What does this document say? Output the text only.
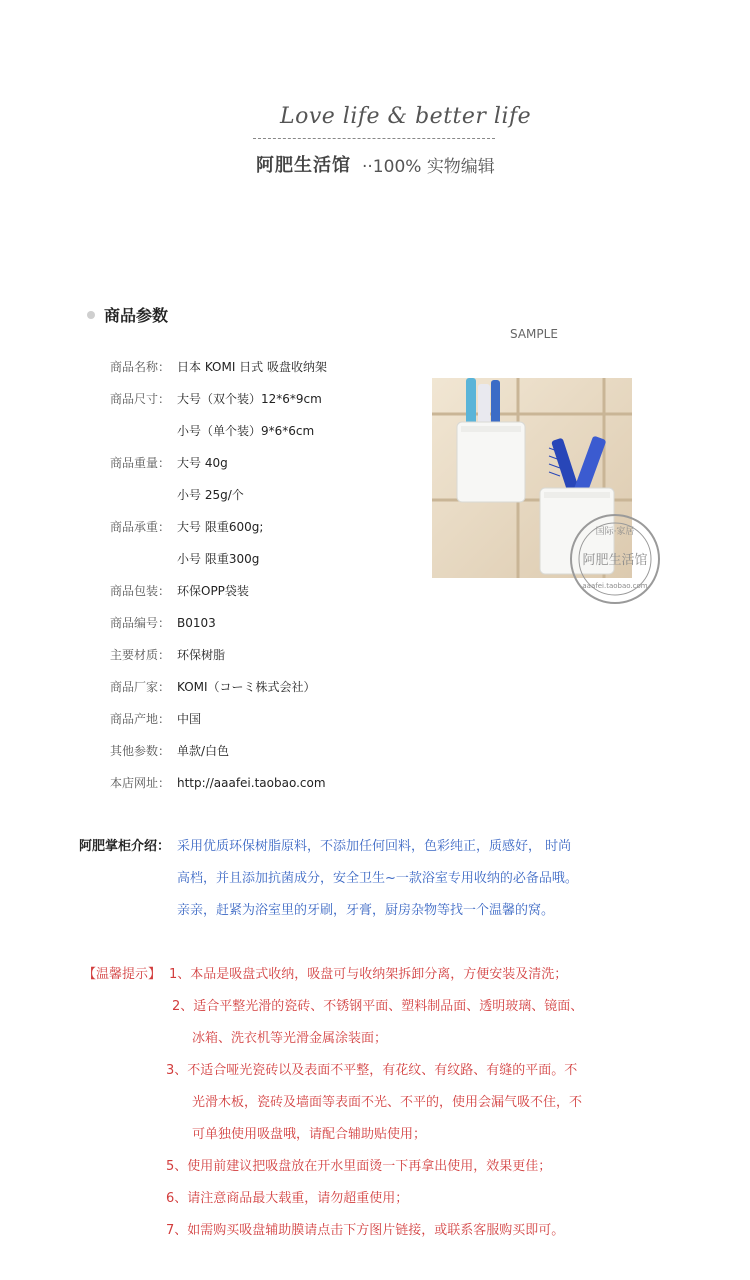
Love life & better life
阿肥生活馆 ··100% 实物编辑
商品参数
SAMPLE
国际·家居
阿肥生活馆
aaafei.taobao.com
商品名称： 日本 KOMI 日式 吸盘收纳架
商品尺寸： 大号（双个装）12*6*9cm
小号（单个装）9*6*6cm
商品重量： 大号 40g
小号 25g/个
商品承重： 大号 限重600g;
小号 限重300g
商品包装： 环保OPP袋装
商品编号： B0103
主要材质： 环保树脂
商品厂家： KOMI（コーミ株式会社）
商品产地： 中国
其他参数： 单款/白色
本店网址： http://aaafei.taobao.com
阿肥掌柜介绍： 采用优质环保树脂原料，不添加任何回料，色彩纯正，质感好， 时尚
高档，并且添加抗菌成分，安全卫生~一款浴室专用收纳的必备品哦。
亲亲，赶紧为浴室里的牙刷，牙膏，厨房杂物等找一个温馨的窝。
【温馨提示】 1、本品是吸盘式收纳，吸盘可与收纳架拆卸分离，方便安装及清洗；
2、适合平整光滑的瓷砖、不锈钢平面、塑料制品面、透明玻璃、镜面、
冰箱、洗衣机等光滑金属涂装面；
3、不适合哑光瓷砖以及表面不平整，有花纹、有纹路、有缝的平面。不
光滑木板，瓷砖及墙面等表面不光、不平的，使用会漏气吸不住，不
可单独使用吸盘哦，请配合辅助贴使用；
5、使用前建议把吸盘放在开水里面烫一下再拿出使用，效果更佳；
6、请注意商品最大载重，请勿超重使用；
7、如需购买吸盘辅助膜请点击下方图片链接，或联系客服购买即可。
